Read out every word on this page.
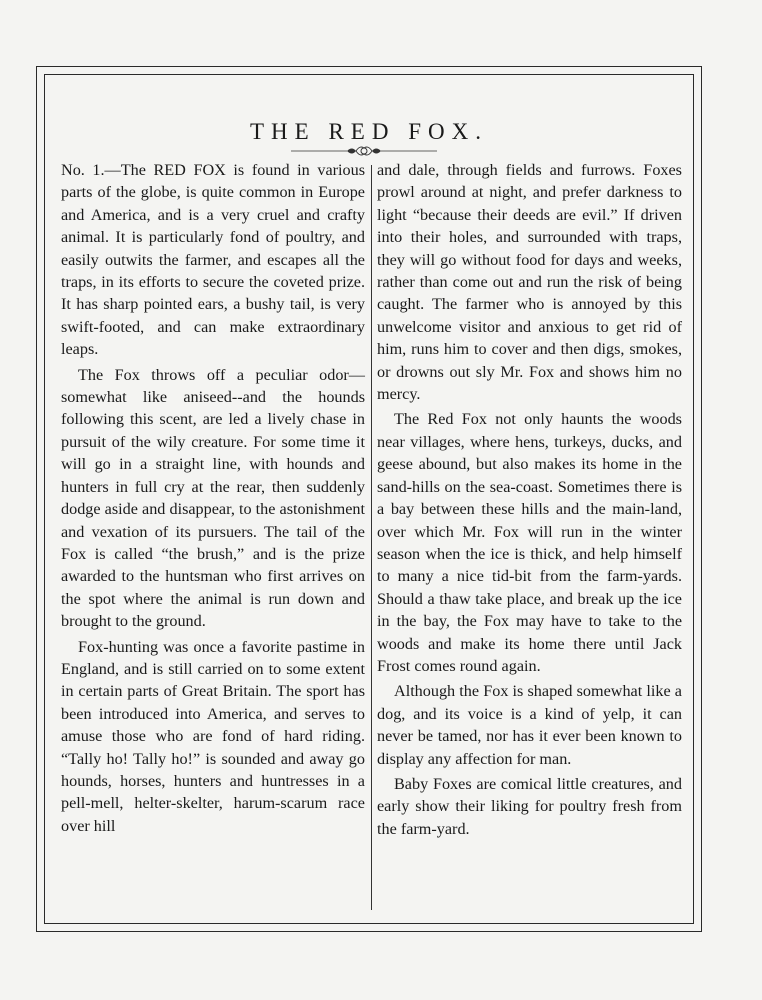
THE RED FOX.

No. 1.—The RED FOX is found in various parts of the globe, is quite common in Europe and America, and is a very cruel and crafty animal. It is particularly fond of poultry, and easily outwits the farmer, and escapes all the traps, in its efforts to secure the coveted prize. It has sharp pointed ears, a bushy tail, is very swift-footed, and can make extraordinary leaps.

The Fox throws off a peculiar odor—somewhat like aniseed--and the hounds following this scent, are led a lively chase in pursuit of the wily creature. For some time it will go in a straight line, with hounds and hunters in full cry at the rear, then suddenly dodge aside and disappear, to the astonishment and vexation of its pursuers. The tail of the Fox is called “the brush,” and is the prize awarded to the huntsman who first arrives on the spot where the animal is run down and brought to the ground.

Fox-hunting was once a favorite pastime in England, and is still carried on to some extent in certain parts of Great Britain. The sport has been introduced into America, and serves to amuse those who are fond of hard riding. “Tally ho! Tally ho!” is sounded and away go hounds, horses, hunters and huntresses in a pell-mell, helter-skelter, harum-scarum race over hill

and dale, through fields and furrows. Foxes prowl around at night, and prefer darkness to light “because their deeds are evil.” If driven into their holes, and surrounded with traps, they will go without food for days and weeks, rather than come out and run the risk of being caught. The farmer who is annoyed by this unwelcome visitor and anxious to get rid of him, runs him to cover and then digs, smokes, or drowns out sly Mr. Fox and shows him no mercy.

The Red Fox not only haunts the woods near villages, where hens, turkeys, ducks, and geese abound, but also makes its home in the sand-hills on the sea-coast. Sometimes there is a bay between these hills and the main-land, over which Mr. Fox will run in the winter season when the ice is thick, and help himself to many a nice tid-bit from the farm-yards. Should a thaw take place, and break up the ice in the bay, the Fox may have to take to the woods and make its home there until Jack Frost comes round again.

Although the Fox is shaped somewhat like a dog, and its voice is a kind of yelp, it can never be tamed, nor has it ever been known to display any affection for man.

Baby Foxes are comical little creatures, and early show their liking for poultry fresh from the farm-yard.
